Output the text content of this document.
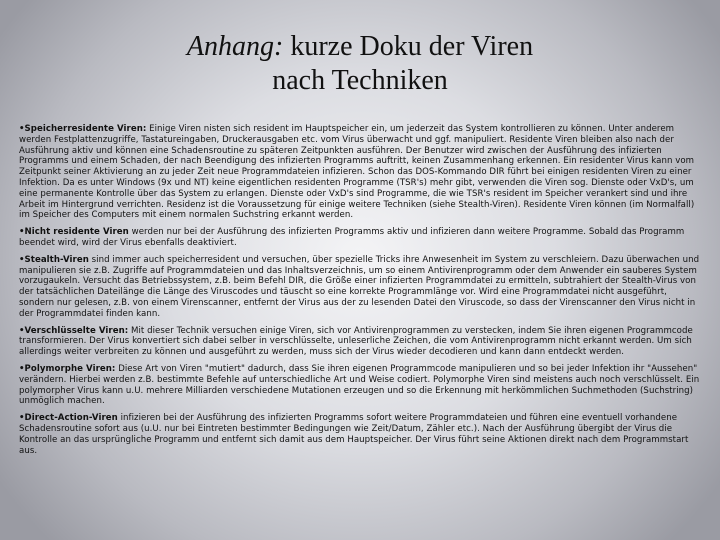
Anhang: kurze Doku der Viren
nach Techniken

•Speicherresidente Viren: Einige Viren nisten sich resident im Hauptspeicher ein, um jederzeit das System kontrollieren zu können. Unter anderem werden Festplattenzugriffe, Tastatureingaben, Druckerausgaben etc. vom Virus überwacht und ggf. manipuliert. Residente Viren bleiben also nach der Ausführung aktiv und können eine Schadensroutine zu späteren Zeitpunkten ausführen. Der Benutzer wird zwischen der Ausführung des infizierten Programms und einem Schaden, der nach Beendigung des infizierten Programms auftritt, keinen Zusammenhang erkennen. Ein residenter Virus kann vom Zeitpunkt seiner Aktivierung an zu jeder Zeit neue Programmdateien infizieren. Schon das DOS-Kommando DIR führt bei einigen residenten Viren zu einer Infektion. Da es unter Windows (9x und NT) keine eigentlichen residenten Programme (TSR's) mehr gibt, verwenden die Viren sog. Dienste oder VxD's, um eine permanente Kontrolle über das System zu erlangen. Dienste oder VxD's sind Programme, die wie TSR's resident im Speicher verankert sind und ihre Arbeit im Hintergrund verrichten. Residenz ist die Voraussetzung für einige weitere Techniken (siehe Stealth-Viren). Residente Viren können (im Normalfall) im Speicher des Computers mit einem normalen Suchstring erkannt werden.

•Nicht residente Viren werden nur bei der Ausführung des infizierten Programms aktiv und infizieren dann weitere Programme. Sobald das Programm beendet wird, wird der Virus ebenfalls deaktiviert.

•Stealth-Viren sind immer auch speicherresident und versuchen, über spezielle Tricks ihre Anwesenheit im System zu verschleiern. Dazu überwachen und manipulieren sie z.B. Zugriffe auf Programmdateien und das Inhaltsverzeichnis, um so einem Antivirenprogramm oder dem Anwender ein sauberes System vorzugaukeln. Versucht das Betriebssystem, z.B. beim Befehl DIR, die Größe einer infizierten Programmdatei zu ermitteln, subtrahiert der Stealth-Virus von der tatsächlichen Dateilänge die Länge des Viruscodes und täuscht so eine korrekte Programmlänge vor. Wird eine Programmdatei nicht ausgeführt, sondern nur gelesen, z.B. von einem Virenscanner, entfernt der Virus aus der zu lesenden Datei den Viruscode, so dass der Virenscanner den Virus nicht in der Programmdatei finden kann.

•Verschlüsselte Viren: Mit dieser Technik versuchen einige Viren, sich vor Antivirenprogrammen zu verstecken, indem Sie ihren eigenen Programmcode transformieren. Der Virus konvertiert sich dabei selber in verschlüsselte, unleserliche Zeichen, die vom Antivirenprogramm nicht erkannt werden. Um sich allerdings weiter verbreiten zu können und ausgeführt zu werden, muss sich der Virus wieder decodieren und kann dann entdeckt werden.

•Polymorphe Viren: Diese Art von Viren "mutiert" dadurch, dass Sie ihren eigenen Programmcode manipulieren und so bei jeder Infektion ihr "Aussehen" verändern. Hierbei werden z.B. bestimmte Befehle auf unterschiedliche Art und Weise codiert. Polymorphe Viren sind meistens auch noch verschlüsselt. Ein polymorpher Virus kann u.U. mehrere Milliarden verschiedene Mutationen erzeugen und so die Erkennung mit herkömmlichen Suchmethoden (Suchstring) unmöglich machen.

•Direct-Action-Viren infizieren bei der Ausführung des infizierten Programms sofort weitere Programmdateien und führen eine eventuell vorhandene Schadensroutine sofort aus (u.U. nur bei Eintreten bestimmter Bedingungen wie Zeit/Datum, Zähler etc.). Nach der Ausführung übergibt der Virus die Kontrolle an das ursprüngliche Programm und entfernt sich damit aus dem Hauptspeicher. Der Virus führt seine Aktionen direkt nach dem Programmstart aus.
